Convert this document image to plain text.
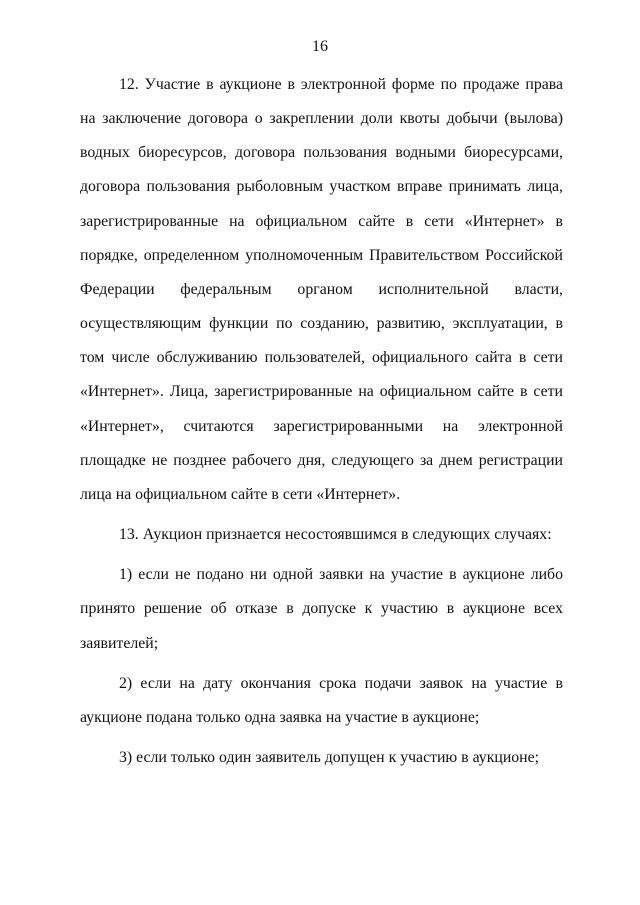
16

12. Участие в аукционе в электронной форме по продаже права на заключение договора о закреплении доли квоты добычи (вылова) водных биоресурсов, договора пользования водными биоресурсами, договора пользования рыболовным участком вправе принимать лица, зарегистрированные на официальном сайте в сети «Интернет» в порядке, определенном уполномоченным Правительством Российской Федерации федеральным органом исполнительной власти, осуществляющим функции по созданию, развитию, эксплуатации, в том числе обслуживанию пользователей, официального сайта в сети «Интернет». Лица, зарегистрированные на официальном сайте в сети «Интернет», считаются зарегистрированными на электронной площадке не позднее рабочего дня, следующего за днем регистрации лица на официальном сайте в сети «Интернет».

13. Аукцион признается несостоявшимся в следующих случаях:

1) если не подано ни одной заявки на участие в аукционе либо принято решение об отказе в допуске к участию в аукционе всех заявителей;

2) если на дату окончания срока подачи заявок на участие в аукционе подана только одна заявка на участие в аукционе;

3) если только один заявитель допущен к участию в аукционе;
